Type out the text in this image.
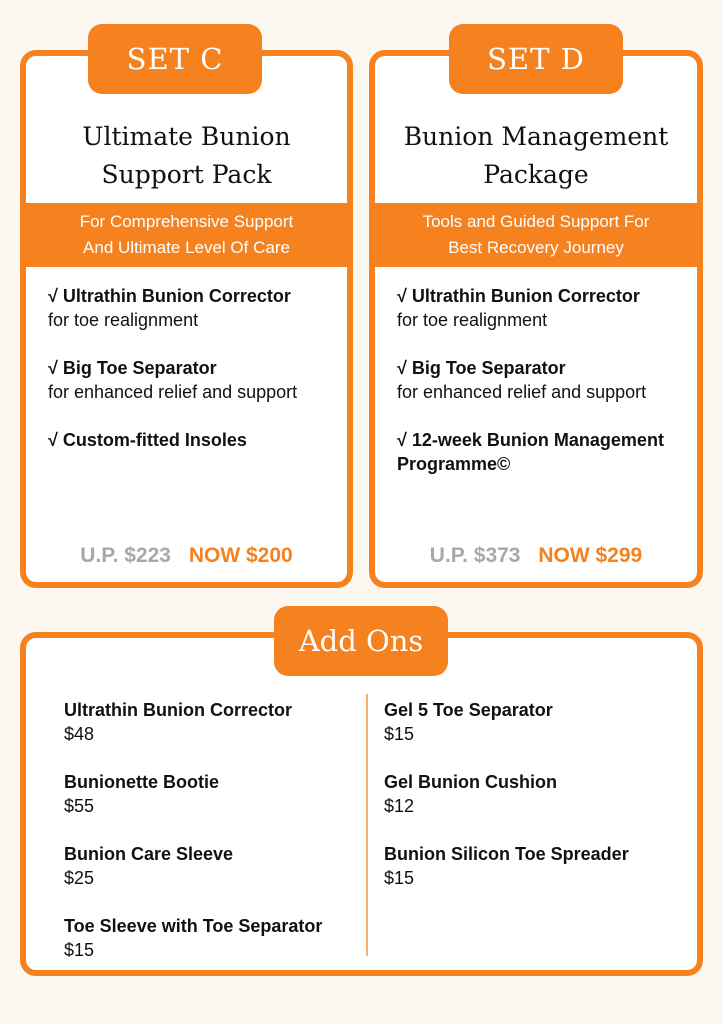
Ultimate Bunion
Support Pack
For Comprehensive Support
And Ultimate Level Of Care
√ Ultrathin Bunion Corrector
for toe realignment
√ Big Toe Separator
for enhanced relief and support
√ Custom-fitted Insoles
U.P. $223 NOW $200
SET C
Bunion Management
Package
Tools and Guided Support For
Best Recovery Journey
√ Ultrathin Bunion Corrector
for toe realignment
√ Big Toe Separator
for enhanced relief and support
√ 12-week Bunion Management Programme©
U.P. $373 NOW $299
SET D
Ultrathin Bunion Corrector
$48
Bunionette Bootie
$55
Bunion Care Sleeve
$25
Toe Sleeve with Toe Separator
$15
Gel 5 Toe Separator
$15
Gel Bunion Cushion
$12
Bunion Silicon Toe Spreader
$15
Add Ons
